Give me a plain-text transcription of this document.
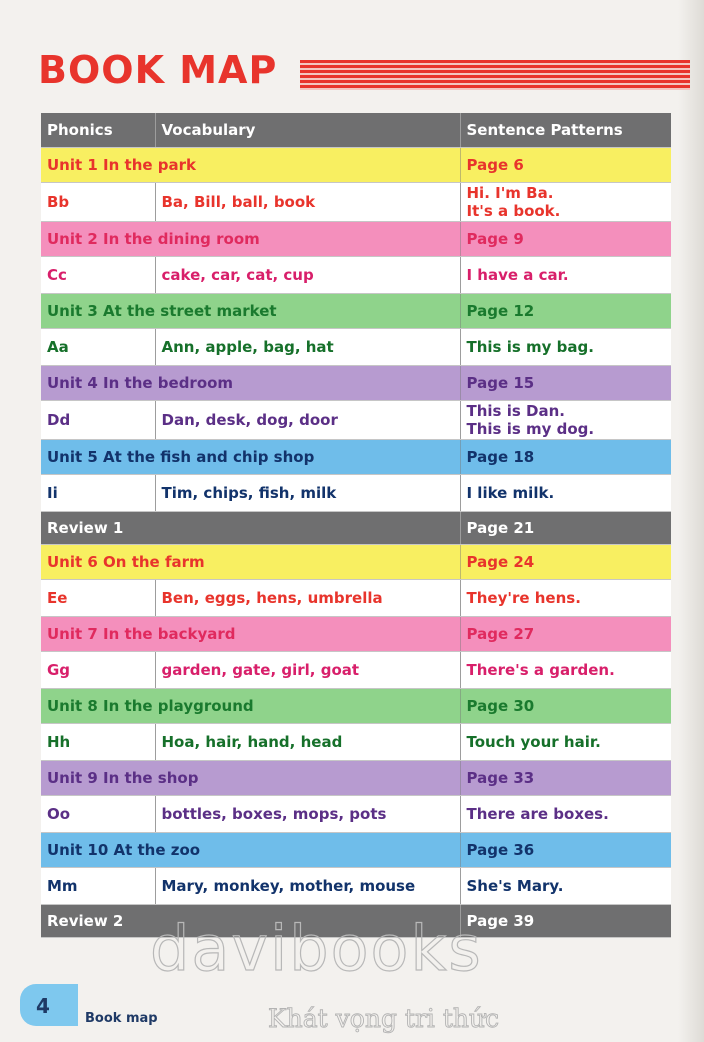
BOOK MAP
Phonics	Vocabulary	Sentence Patterns
Unit 1 In the park		Page 6
Bb	Ba, Bill, ball, book	Hi. I'm Ba.
It's a book.
Unit 2 In the dining room		Page 9
Cc	cake, car, cat, cup	I have a car.
Unit 3 At the street market		Page 12
Aa	Ann, apple, bag, hat	This is my bag.
Unit 4 In the bedroom		Page 15
Dd	Dan, desk, dog, door	This is Dan.
This is my dog.
Unit 5 At the fish and chip shop		Page 18
Ii	Tim, chips, fish, milk	I like milk.
Review 1		Page 21
Unit 6 On the farm		Page 24
Ee	Ben, eggs, hens, umbrella	They're hens.
Unit 7 In the backyard		Page 27
Gg	garden, gate, girl, goat	There's a garden.
Unit 8 In the playground		Page 30
Hh	Hoa, hair, hand, head	Touch your hair.
Unit 9 In the shop		Page 33
Oo	bottles, boxes, mops, pots	There are boxes.
Unit 10 At the zoo		Page 36
Mm	Mary, monkey, mother, mouse	She's Mary.
Review 2		Page 39
davibooks
Khát vọng tri thức
4
Book map
